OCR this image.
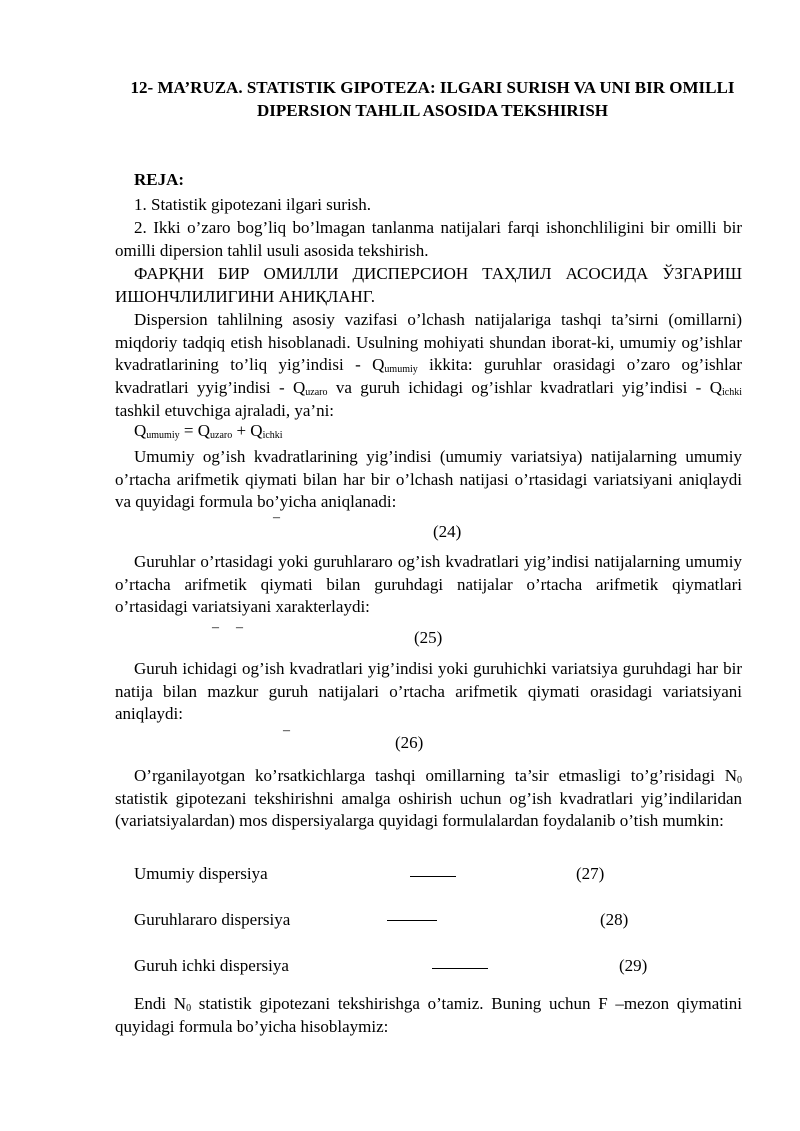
12- MA’RUZA. STATISTIK GIPOTEZA: ILGARI SURISH VA UNI BIR OMILLI DIPERSION TAHLIL ASOSIDA TEKSHIRISH
REJA:
1. Statistik gipotezani ilgari surish.
2. Ikki o’zaro bog’liq bo’lmagan tanlanma natijalari farqi ishonchliligini bir omilli bir omilli dipersion tahlil usuli asosida tekshirish.
ФАРҚНИ БИР ОМИЛЛИ ДИСПЕРСИОН ТАҲЛИЛ АСОСИДА ЎЗГАРИШ ИШОНЧЛИЛИГИНИ АНИҚЛАНГ.
Dispersion tahlilning asosiy vazifasi o’lchash natijalariga tashqi ta’sirni (omillarni) miqdoriy tadqiq etish hisoblanadi. Usulning mohiyati shundan iborat-ki, umumiy og’ishlar kvadratlarining to’liq yig’indisi - $Q_{umumiy}$ ikkita: guruhlar orasidagi o’zaro og’ishlar kvadratlari yyig’indisi - $Q_{uzaro}$ va guruh ichidagi og’ishlar kvadratlari yig’indisi - $Q_{ichki}$ tashkil etuvchiga ajraladi, ya’ni:
$Q_{umumiy} = Q_{uzaro} + Q_{ichki}$
Umumiy og’ish kvadratlarining yig’indisi (umumiy variatsiya) natijalarning umumiy o’rtacha arifmetik qiymati bilan har bir o’lchash natijasi o’rtasidagi variatsiyani aniqlaydi va quyidagi formula bo’yicha aniqlanadi:
–
(24)
Guruhlar o’rtasidagi yoki guruhlararo og’ish kvadratlari yig’indisi natijalarning umumiy o’rtacha arifmetik qiymati bilan guruhdagi natijalar o’rtacha arifmetik qiymatlari o’rtasidagi variatsiyani xarakterlaydi:
– –
(25)
Guruh ichidagi og’ish kvadratlari yig’indisi yoki guruhichki variatsiya guruhdagi har bir natija bilan mazkur guruh natijalari o’rtacha arifmetik qiymati orasidagi variatsiyani aniqlaydi:
–
(26)
O’rganilayotgan ko’rsatkichlarga tashqi omillarning ta’sir etmasligi to’g’risidagi $N_0$ statistik gipotezani tekshirishni amalga oshirish uchun og’ish kvadratlari yig’indilaridan (variatsiyalardan) mos dispersiyalarga quyidagi formulalardan foydalanib o’tish mumkin:
Umumiy dispersiya	(27)
Guruhlararo dispersiya	(28)
Guruh ichki dispersiya	(29)
Endi $N_0$ statistik gipotezani tekshirishga o’tamiz. Buning uchun F –mezon qiymatini quyidagi formula bo’yicha hisoblaymiz:
